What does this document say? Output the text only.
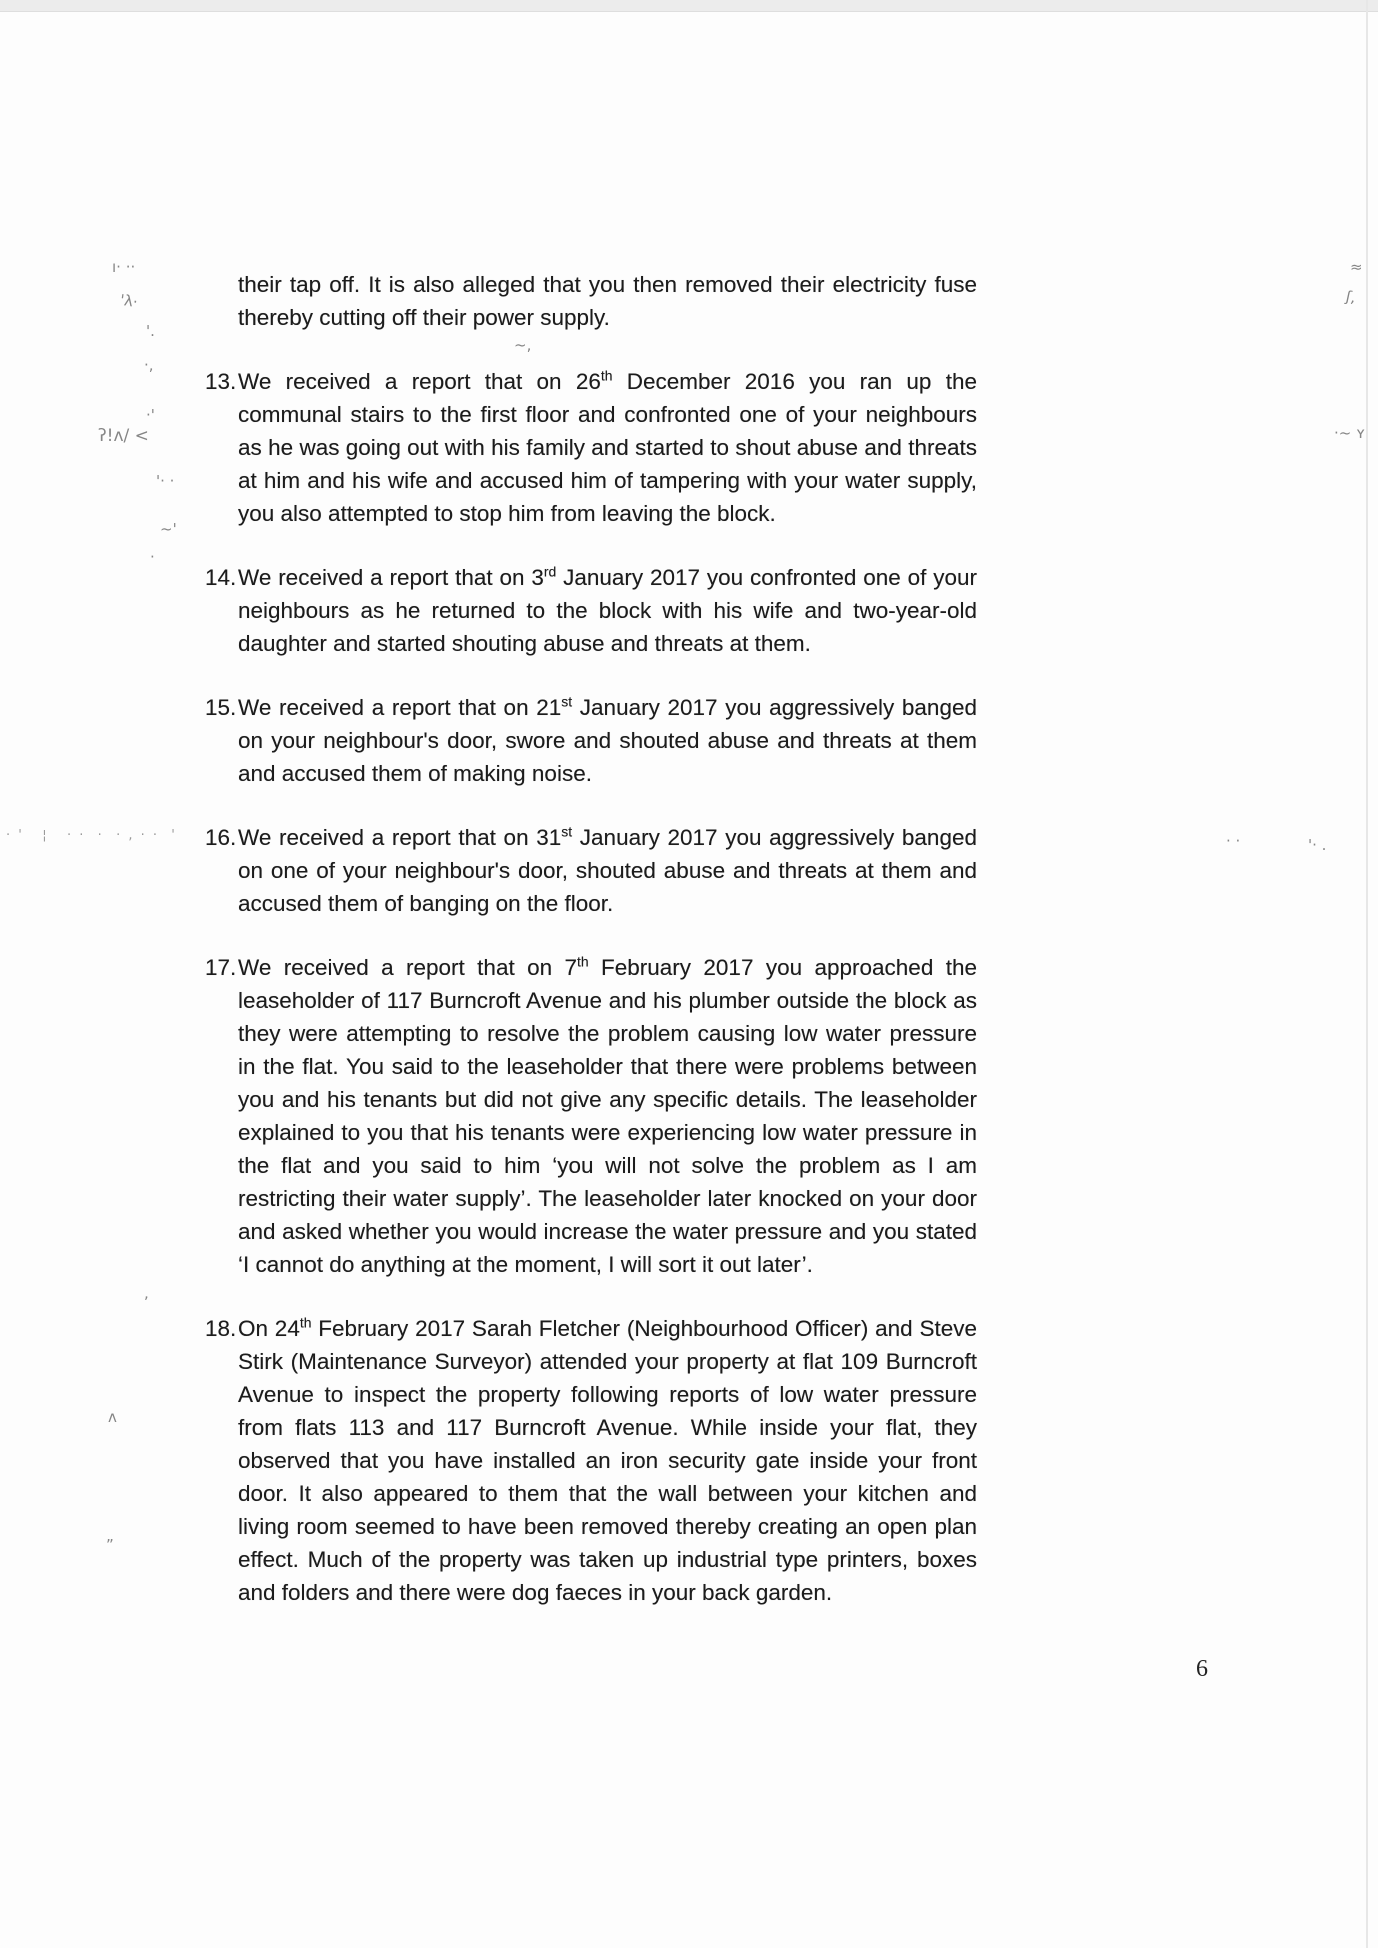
their tap off. It is also alleged that you then removed their electricity fuse thereby cutting off their power supply.
13. We received a report that on 26th December 2016 you ran up the communal stairs to the first floor and confronted one of your neighbours as he was going out with his family and started to shout abuse and threats at him and his wife and accused him of tampering with your water supply, you also attempted to stop him from leaving the block.
14. We received a report that on 3rd January 2017 you confronted one of your neighbours as he returned to the block with his wife and two-year-old daughter and started shouting abuse and threats at them.
15. We received a report that on 21st January 2017 you aggressively banged on your neighbour's door, swore and shouted abuse and threats at them and accused them of making noise.
16. We received a report that on 31st January 2017 you aggressively banged on one of your neighbour's door, shouted abuse and threats at them and accused them of banging on the floor.
17. We received a report that on 7th February 2017 you approached the leaseholder of 117 Burncroft Avenue and his plumber outside the block as they were attempting to resolve the problem causing low water pressure in the flat. You said to the leaseholder that there were problems between you and his tenants but did not give any specific details. The leaseholder explained to you that his tenants were experiencing low water pressure in the flat and you said to him ‘you will not solve the problem as I am restricting their water supply’. The leaseholder later knocked on your door and asked whether you would increase the water pressure and you stated ‘I cannot do anything at the moment, I will sort it out later’.
18. On 24th February 2017 Sarah Fletcher (Neighbourhood Officer) and Steve Stirk (Maintenance Surveyor) attended your property at flat 109 Burncroft Avenue to inspect the property following reports of low water pressure from flats 113 and 117 Burncroft Avenue. While inside your flat, they observed that you have installed an iron security gate inside your front door. It also appeared to them that the wall between your kitchen and living room seemed to have been removed thereby creating an open plan effect. Much of the property was taken up industrial type printers, boxes and folders and there were dog faeces in your back garden.
6
ı· ··
'λ·
'.
·,
·'
ʔ!ʌ/ <
'· ·
~'
·
~,
≈
ʃ,
·~ ʏ
· '   ¦   · ·  ·  · , · ·  '	· ·	'· .
,
ʌ
”
